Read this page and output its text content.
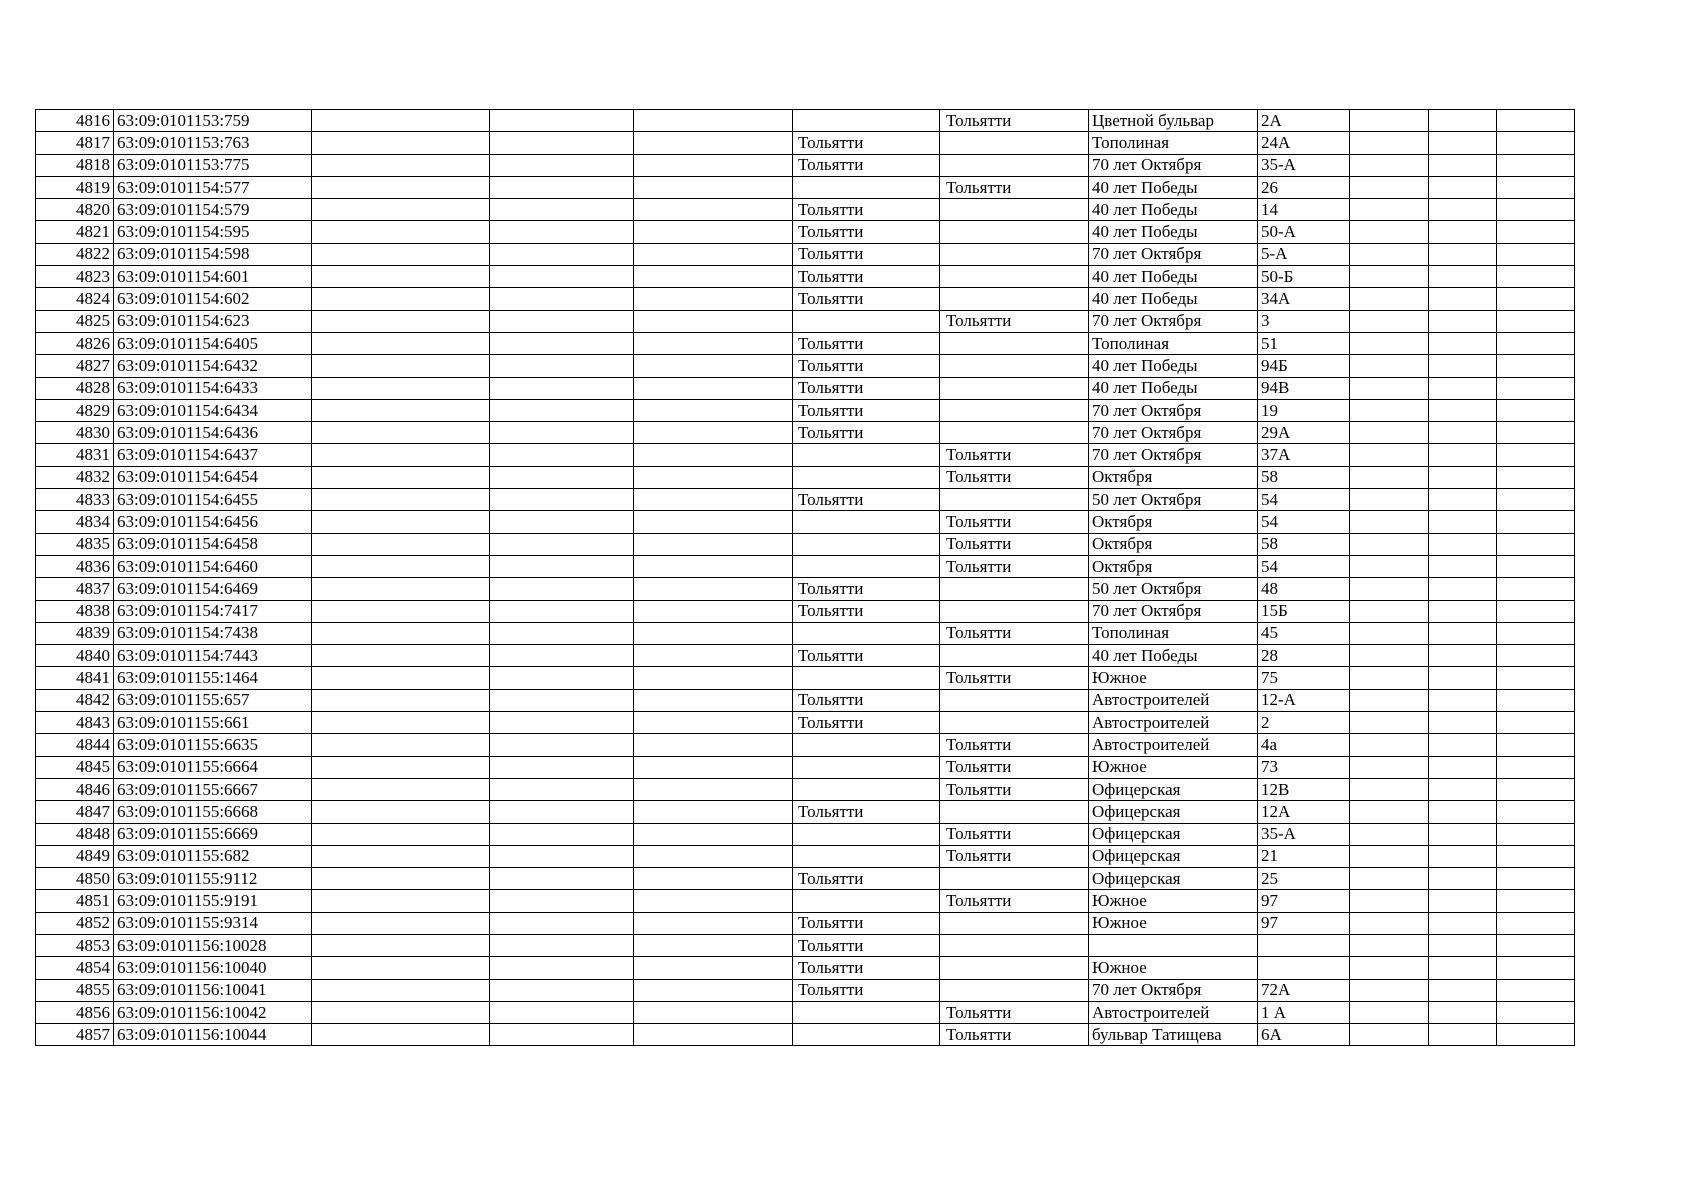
4816	63:09:0101153:759					Тольятти	Цветной бульвар	2А			
4817	63:09:0101153:763				Тольятти		Тополиная	24А			
4818	63:09:0101153:775				Тольятти		70 лет Октября	35-А			
4819	63:09:0101154:577					Тольятти	40 лет Победы	26			
4820	63:09:0101154:579				Тольятти		40 лет Победы	14			
4821	63:09:0101154:595				Тольятти		40 лет Победы	50-А			
4822	63:09:0101154:598				Тольятти		70 лет Октября	5-А			
4823	63:09:0101154:601				Тольятти		40 лет Победы	50-Б			
4824	63:09:0101154:602				Тольятти		40 лет Победы	34А			
4825	63:09:0101154:623					Тольятти	70 лет Октября	3			
4826	63:09:0101154:6405				Тольятти		Тополиная	51			
4827	63:09:0101154:6432				Тольятти		40 лет Победы	94Б			
4828	63:09:0101154:6433				Тольятти		40 лет Победы	94В			
4829	63:09:0101154:6434				Тольятти		70 лет Октября	19			
4830	63:09:0101154:6436				Тольятти		70 лет Октября	29А			
4831	63:09:0101154:6437					Тольятти	70 лет Октября	37А			
4832	63:09:0101154:6454					Тольятти	Октября	58			
4833	63:09:0101154:6455				Тольятти		50 лет Октября	54			
4834	63:09:0101154:6456					Тольятти	Октября	54			
4835	63:09:0101154:6458					Тольятти	Октября	58			
4836	63:09:0101154:6460					Тольятти	Октября	54			
4837	63:09:0101154:6469				Тольятти		50 лет Октября	48			
4838	63:09:0101154:7417				Тольятти		70 лет Октября	15Б			
4839	63:09:0101154:7438					Тольятти	Тополиная	45			
4840	63:09:0101154:7443				Тольятти		40 лет Победы	28			
4841	63:09:0101155:1464					Тольятти	Южное	75			
4842	63:09:0101155:657				Тольятти		Автостроителей	12-А			
4843	63:09:0101155:661				Тольятти		Автостроителей	2			
4844	63:09:0101155:6635					Тольятти	Автостроителей	4а			
4845	63:09:0101155:6664					Тольятти	Южное	73			
4846	63:09:0101155:6667					Тольятти	Офицерская	12В			
4847	63:09:0101155:6668				Тольятти		Офицерская	12А			
4848	63:09:0101155:6669					Тольятти	Офицерская	35-А			
4849	63:09:0101155:682					Тольятти	Офицерская	21			
4850	63:09:0101155:9112				Тольятти		Офицерская	25			
4851	63:09:0101155:9191					Тольятти	Южное	97			
4852	63:09:0101155:9314				Тольятти		Южное	97			
4853	63:09:0101156:10028				Тольятти						
4854	63:09:0101156:10040				Тольятти		Южное				
4855	63:09:0101156:10041				Тольятти		70 лет Октября	72А			
4856	63:09:0101156:10042					Тольятти	Автостроителей	1 А			
4857	63:09:0101156:10044					Тольятти	бульвар Татищева	6А			
